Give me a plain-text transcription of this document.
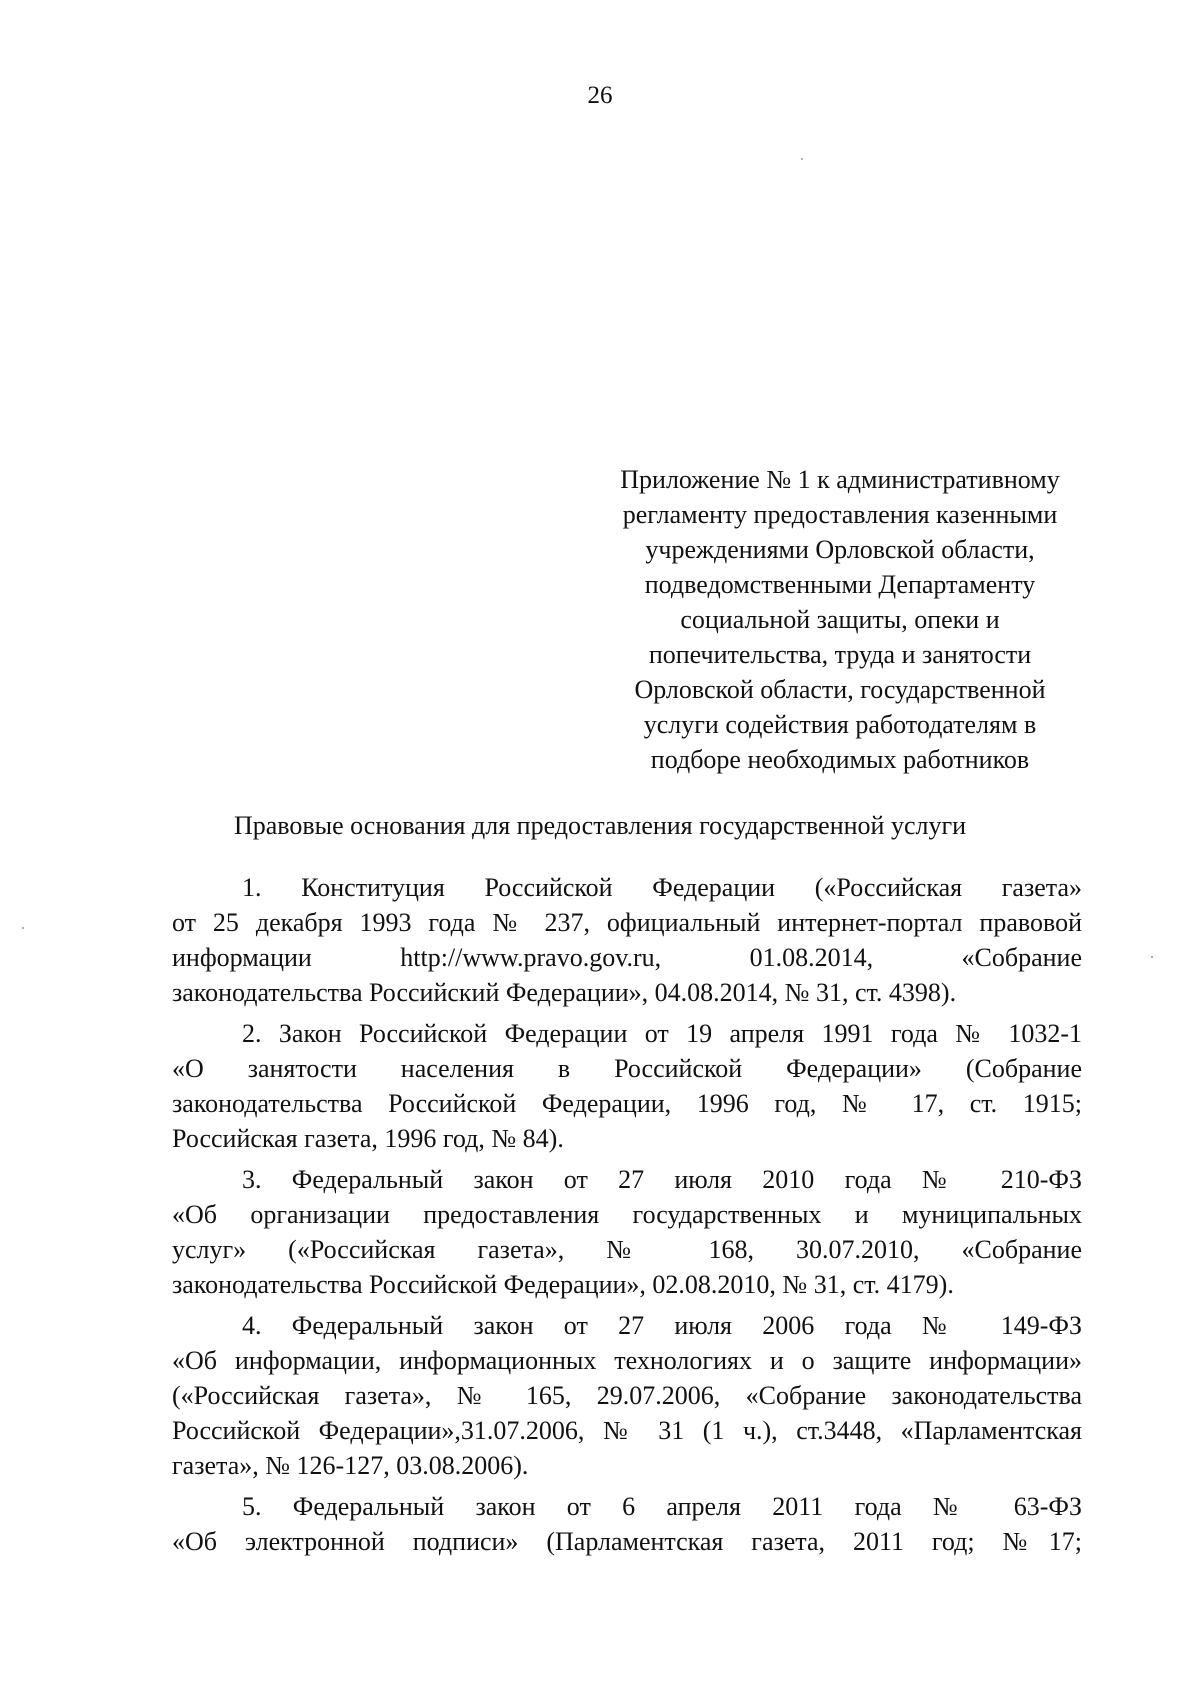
26
Приложение № 1 к административному
регламенту предоставления казенными
учреждениями Орловской области,
подведомственными Департаменту
социальной защиты, опеки и
попечительства, труда и занятости
Орловской области, государственной
услуги содействия работодателям в
подборе необходимых работников
Правовые основания для предоставления государственной услуги
1. Конституция Российской Федерации («Российская газета»
от 25 декабря 1993 года № 237, официальный интернет-портал правовой
информации http://www.pravo.gov.ru, 01.08.2014, «Собрание
законодательства Российский Федерации», 04.08.2014, № 31, ст. 4398).
2. Закон Российской Федерации от 19 апреля 1991 года № 1032-1
«О занятости населения в Российской Федерации» (Собрание
законодательства Российской Федерации, 1996 год, № 17, ст. 1915;
Российская газета, 1996 год, № 84).
3. Федеральный закон от 27 июля 2010 года № 210-ФЗ
«Об организации предоставления государственных и муниципальных
услуг» («Российская газета», № 168, 30.07.2010, «Собрание
законодательства Российской Федерации», 02.08.2010, № 31, ст. 4179).
4. Федеральный закон от 27 июля 2006 года № 149-ФЗ
«Об информации, информационных технологиях и о защите информации»
(«Российская газета», № 165, 29.07.2006, «Собрание законодательства
Российской Федерации»,31.07.2006, № 31 (1 ч.), ст.3448, «Парламентская
газета», № 126-127, 03.08.2006).
5. Федеральный закон от 6 апреля 2011 года № 63-ФЗ
«Об электронной подписи» (Парламентская газета, 2011 год; №17;
